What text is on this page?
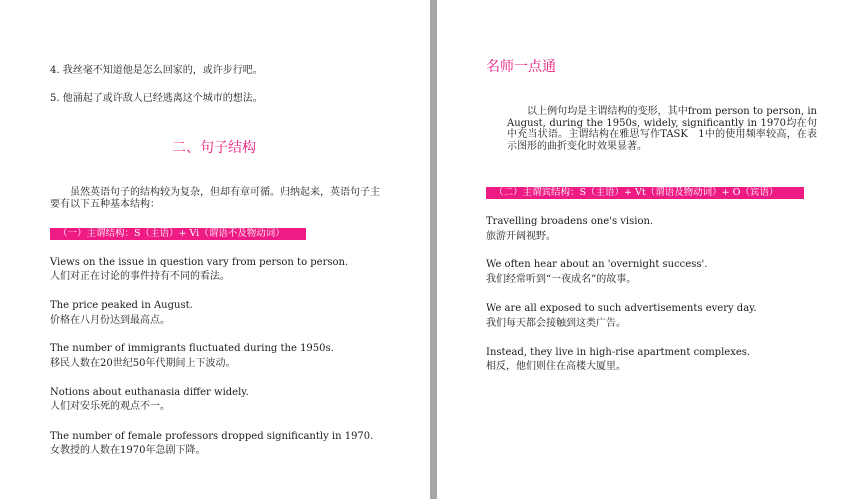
4. 我丝毫不知道他是怎么回家的，或许步行吧。
5. 他涌起了或许敌人已经逃离这个城市的想法。
二、句子结构
虽然英语句子的结构较为复杂，但却有章可循。归纳起来，英语句子主要有以下五种基本结构：
（一）主谓结构：S（主语）+ Vi（谓语不及物动词）
Views on the issue in question vary from person to person.
人们对正在讨论的事件持有不同的看法。
The price peaked in August.
价格在八月份达到最高点。
The number of immigrants fluctuated during the 1950s.
移民人数在20世纪50年代期间上下波动。
Notions about euthanasia differ widely.
人们对安乐死的观点不一。
The number of female professors dropped significantly in 1970.
女教授的人数在1970年急剧下降。
名师一点通
以上例句均是主谓结构的变形，其中from person to person, in August, during the 1950s, widely, significantly in 1970均在句中充当状语。主谓结构在雅思写作TASK　1中的使用频率较高，在表示图形的曲折变化时效果显著。
（二）主谓宾结构：S（主语）+ Vt（谓语及物动词）+ O（宾语）
Travelling broadens one's vision.
旅游开阔视野。
We often hear about an 'overnight success'.
我们经常听到“一夜成名”的故事。
We are all exposed to such advertisements every day.
我们每天都会接触到这类广告。
Instead, they live in high-rise apartment complexes.
相反，他们则住在高楼大厦里。
